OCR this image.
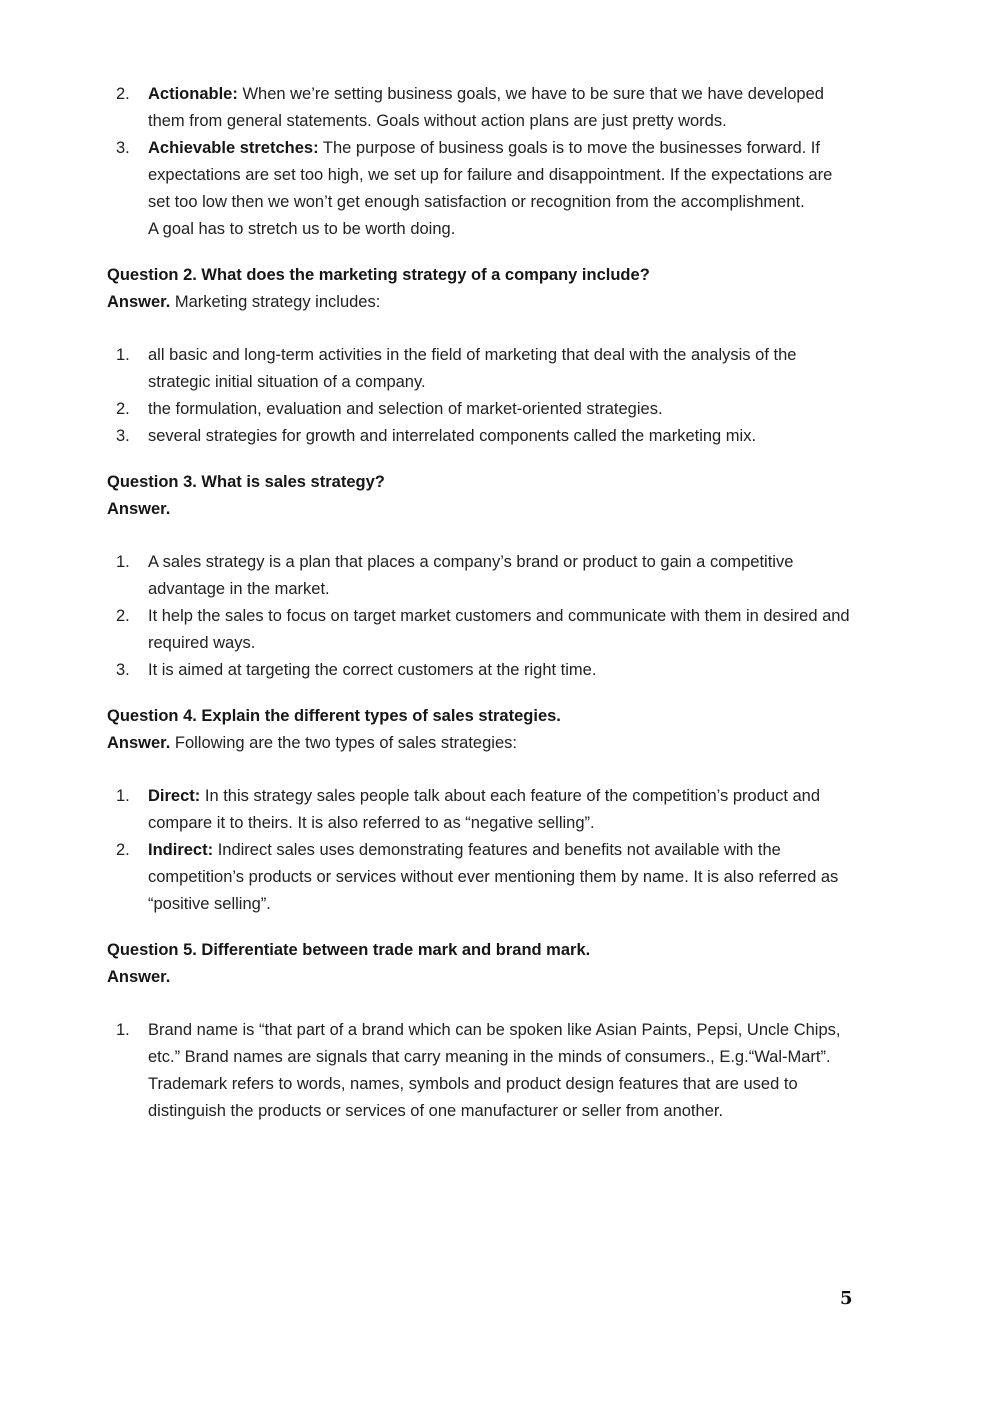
2.	Actionable: When we’re setting business goals, we have to be sure that we have developed them from general statements. Goals without action plans are just pretty words.
3.	Achievable stretches: The purpose of business goals is to move the businesses forward. If expectations are set too high, we set up for failure and disappointment. If the expectations are set too low then we won’t get enough satisfaction or recognition from the accomplishment.
A goal has to stretch us to be worth doing.
Question 2. What does the marketing strategy of a company include?

Answer. Marketing strategy includes:

1.	all basic and long-term activities in the field of marketing that deal with the analysis of the strategic initial situation of a company.
2.	the formulation, evaluation and selection of market-oriented strategies.
3.	several strategies for growth and interrelated components called the marketing mix.
Question 3. What is sales strategy?

Answer.

1.	A sales strategy is a plan that places a company’s brand or product to gain a competitive advantage in the market.
2.	It help the sales to focus on target market customers and communicate with them in desired and required ways.
3.	It is aimed at targeting the correct customers at the right time.
Question 4. Explain the different types of sales strategies.

Answer. Following are the two types of sales strategies:

1.	Direct: In this strategy sales people talk about each feature of the competition’s product and compare it to theirs. It is also referred to as “negative selling”.
2.	Indirect: Indirect sales uses demonstrating features and benefits not available with the competition’s products or services without ever mentioning them by name. It is also referred as “positive selling”.
Question 5. Differentiate between trade mark and brand mark.

Answer.

1.	Brand name is “that part of a brand which can be spoken like Asian Paints, Pepsi, Uncle Chips, etc.” Brand names are signals that carry meaning in the minds of consumers., E.g.“Wal-Mart”.
Trademark refers to words, names, symbols and product design features that are used to distinguish the products or services of one manufacturer or seller from another.
5
